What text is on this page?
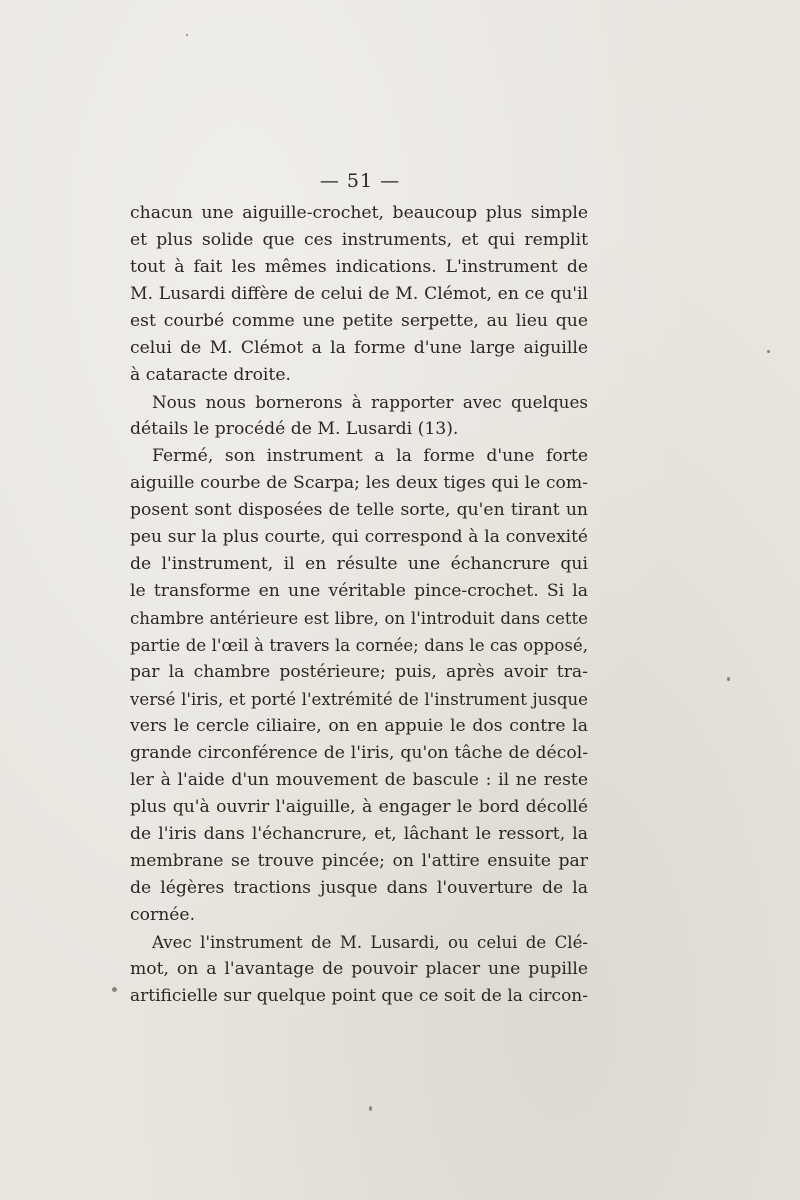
— 51 —
chacun une aiguille-crochet, beaucoup plus simple
et plus solide que ces instruments, et qui remplit
tout à fait les mêmes indications. L'instrument de
M. Lusardi diffère de celui de M. Clémot, en ce qu'il
est courbé comme une petite serpette, au lieu que
celui de M. Clémot a la forme d'une large aiguille
à cataracte droite.
Nous nous bornerons à rapporter avec quelques
détails le procédé de M. Lusardi (13).
Fermé, son instrument a la forme d'une forte
aiguille courbe de Scarpa; les deux tiges qui le com-
posent sont disposées de telle sorte, qu'en tirant un
peu sur la plus courte, qui correspond à la convexité
de l'instrument, il en résulte une échancrure qui
le transforme en une véritable pince-crochet. Si la
chambre antérieure est libre, on l'introduit dans cette
partie de l'œil à travers la cornée; dans le cas opposé,
par la chambre postérieure; puis, après avoir tra-
versé l'iris, et porté l'extrémité de l'instrument jusque
vers le cercle ciliaire, on en appuie le dos contre la
grande circonférence de l'iris, qu'on tâche de décol-
ler à l'aide d'un mouvement de bascule : il ne reste
plus qu'à ouvrir l'aiguille, à engager le bord décollé
de l'iris dans l'échancrure, et, lâchant le ressort, la
membrane se trouve pincée; on l'attire ensuite par
de légères tractions jusque dans l'ouverture de la
cornée.
Avec l'instrument de M. Lusardi, ou celui de Clé-
mot, on a l'avantage de pouvoir placer une pupille
artificielle sur quelque point que ce soit de la circon-
